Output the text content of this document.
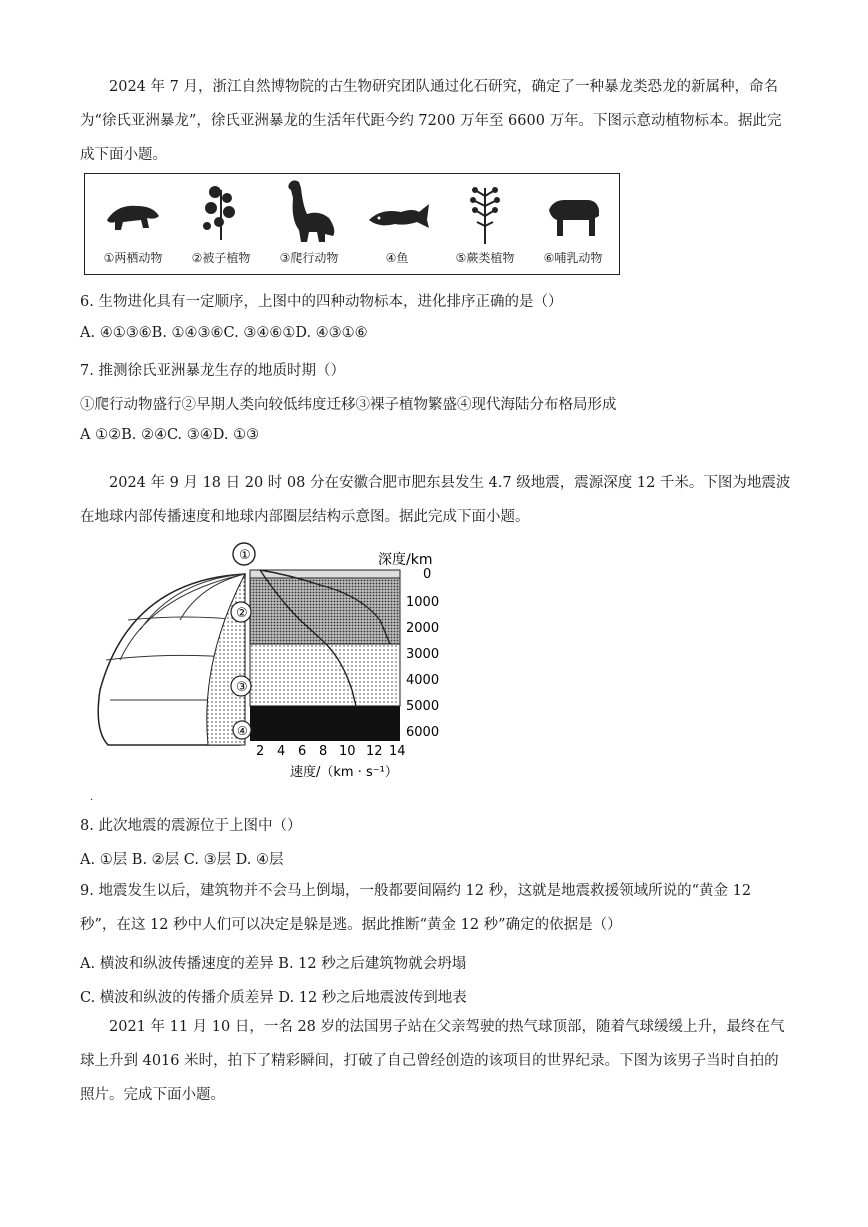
2024 年 7 月，浙江自然博物院的古生物研究团队通过化石研究，确定了一种暴龙类恐龙的新属种，命名为“徐氏亚洲暴龙”，徐氏亚洲暴龙的生活年代距今约 7200 万年至 6600 万年。下图示意动植物标本。据此完成下面小题。

①两栖动物	②被子植物	③爬行动物	④鱼	⑤蕨类植物	⑥哺乳动物
6. 生物进化具有一定顺序，上图中的四种动物标本，进化排序正确的是（）
A. ④①③⑥B. ①④③⑥C. ③④⑥①D. ④③①⑥
7. 推测徐氏亚洲暴龙生存的地质时期（）
①爬行动物盛行②早期人类向较低纬度迁移③裸子植物繁盛④现代海陆分布格局形成
A ①②B. ②④C. ③④D. ①③

2024 年 9 月 18 日 20 时 08 分在安徽合肥市肥东县发生 4.7 级地震，震源深度 12 千米。下图为地震波在地球内部传播速度和地球内部圈层结构示意图。据此完成下面小题。

①
②
③
④
深度/km
0
1000
2000
3000
4000
5000
6000
2 4 6 8 10 12 14
速度/（km · s⁻¹）
·
8. 此次地震的震源位于上图中（）
A. ①层 B. ②层 C. ③层 D. ④层

9. 地震发生以后，建筑物并不会马上倒塌，一般都要间隔约 12 秒，这就是地震救援领域所说的“黄金 12 秒”，在这 12 秒中人们可以决定是躲是逃。据此推断“黄金 12 秒”确定的依据是（）

A. 横波和纵波传播速度的差异 B. 12 秒之后建筑物就会坍塌
C. 横波和纵波的传播介质差异 D. 12 秒之后地震波传到地表

2021 年 11 月 10 日，一名 28 岁的法国男子站在父亲驾驶的热气球顶部，随着气球缓缓上升，最终在气球上升到 4016 米时，拍下了精彩瞬间，打破了自己曾经创造的该项目的世界纪录。下图为该男子当时自拍的照片。完成下面小题。
